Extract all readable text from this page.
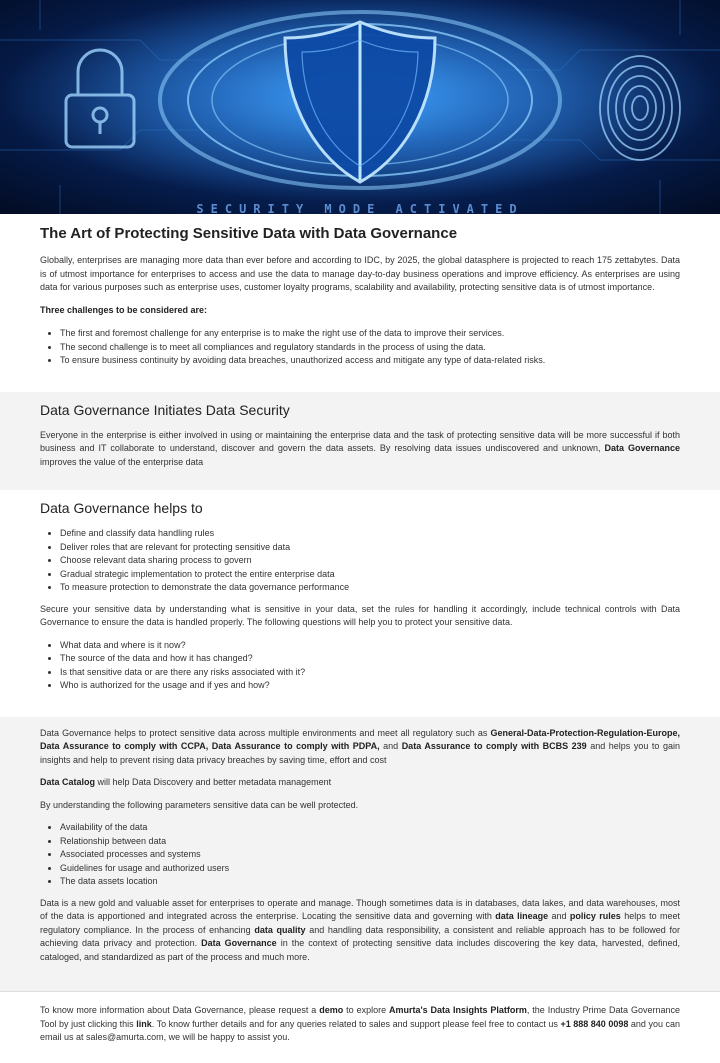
SECURITY MODE ACTIVATED
The Art of Protecting Sensitive Data with Data Governance

Globally, enterprises are managing more data than ever before and according to IDC, by 2025, the global datasphere is projected to reach 175 zettabytes. Data is of utmost importance for enterprises to access and use the data to manage day-to-day business operations and improve efficiency. As enterprises are using data for various purposes such as enterprise uses, customer loyalty programs, scalability and availability, protecting sensitive data is of utmost importance.

Three challenges to be considered are:

• The first and foremost challenge for any enterprise is to make the right use of the data to improve their services.
• The second challenge is to meet all compliances and regulatory standards in the process of using the data.
• To ensure business continuity by avoiding data breaches, unauthorized access and mitigate any type of data-related risks.
Data Governance Initiates Data Security

Everyone in the enterprise is either involved in using or maintaining the enterprise data and the task of protecting sensitive data will be more successful if both business and IT collaborate to understand, discover and govern the data assets. By resolving data issues undiscovered and unknown, Data Governance improves the value of the enterprise data

Data Governance helps to
• Define and classify data handling rules
• Deliver roles that are relevant for protecting sensitive data
• Choose relevant data sharing process to govern
• Gradual strategic implementation to protect the entire enterprise data
• To measure protection to demonstrate the data governance performance

Secure your sensitive data by understanding what is sensitive in your data, set the rules for handling it accordingly, include technical controls with Data Governance to ensure the data is handled properly. The following questions will help you to protect your sensitive data.

• What data and where is it now?
• The source of the data and how it has changed?
• Is that sensitive data or are there any risks associated with it?
• Who is authorized for the usage and if yes and how?

Data Governance helps to protect sensitive data across multiple environments and meet all regulatory such as General-Data-Protection-Regulation-Europe, Data Assurance to comply with CCPA, Data Assurance to comply with PDPA, and Data Assurance to comply with BCBS 239 and helps you to gain insights and help to prevent rising data privacy breaches by saving time, effort and cost

Data Catalog will help Data Discovery and better metadata management

By understanding the following parameters sensitive data can be well protected.

• Availability of the data
• Relationship between data
• Associated processes and systems
• Guidelines for usage and authorized users
• The data assets location

Data is a new gold and valuable asset for enterprises to operate and manage. Though sometimes data is in databases, data lakes, and data warehouses, most of the data is apportioned and integrated across the enterprise. Locating the sensitive data and governing with data lineage and policy rules helps to meet regulatory compliance. In the process of enhancing data quality and handling data responsibility, a consistent and reliable approach has to be followed for achieving data privacy and protection. Data Governance in the context of protecting sensitive data includes discovering the key data, harvested, defined, cataloged, and standardized as part of the process and much more.

To know more information about Data Governance, please request a demo to explore Amurta's Data Insights Platform, the Industry Prime Data Governance Tool by just clicking this link. To know further details and for any queries related to sales and support please feel free to contact us +1 888 840 0098 and you can email us at sales@amurta.com, we will be happy to assist you.
